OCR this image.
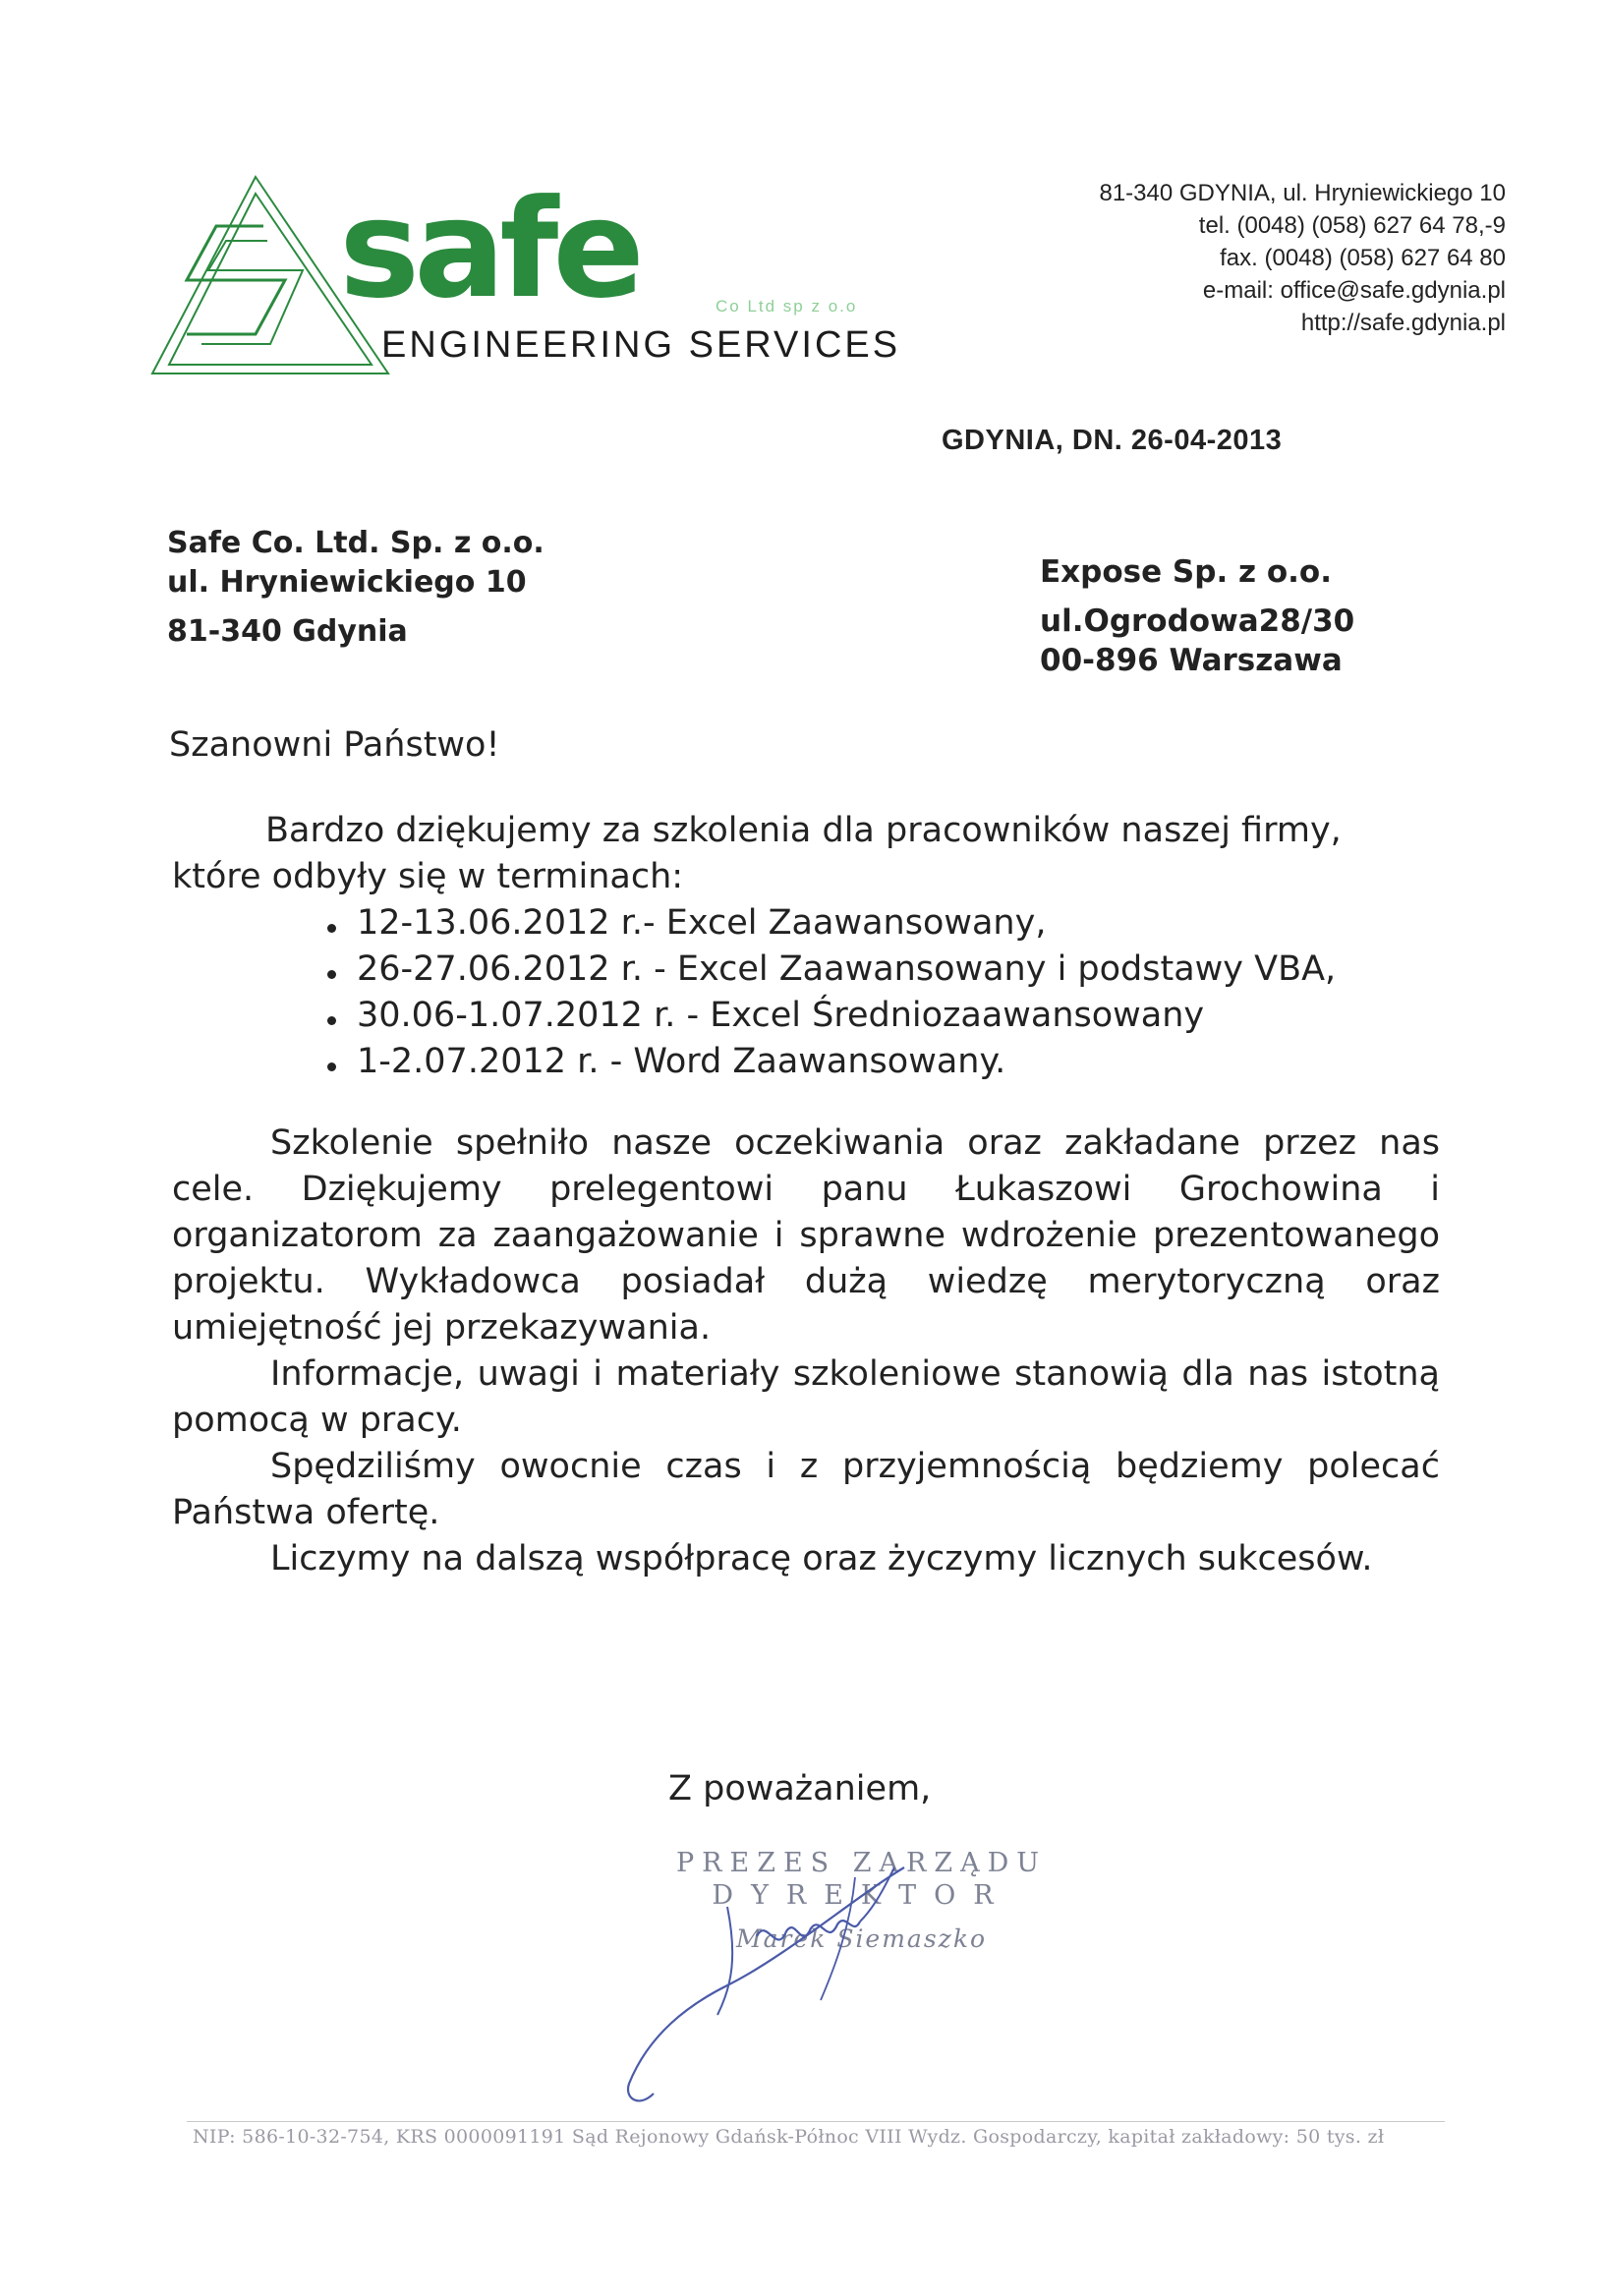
safe	Co Ltd sp z o.o
ENGINEERING SERVICES
81-340 GDYNIA, ul. Hryniewickiego 10
tel. (0048) (058) 627 64 78,-9
fax. (0048) (058) 627 64 80
e-mail: office@safe.gdynia.pl
http://safe.gdynia.pl
GDYNIA, DN. 26-04-2013
Safe Co. Ltd. Sp. z o.o.
ul. Hryniewickiego 10
81-340 Gdynia
Expose Sp. z o.o.
ul.Ogrodowa28/30
00-896 Warszawa
Szanowni Państwo!
Bardzo dziękujemy za szkolenia dla pracowników naszej firmy, które odbyły się w terminach:
12-13.06.2012 r.- Excel Zaawansowany,
26-27.06.2012 r. - Excel Zaawansowany i podstawy VBA,
30.06-1.07.2012 r. - Excel Średniozaawansowany
1-2.07.2012 r. - Word Zaawansowany.

Szkolenie spełniło nasze oczekiwania oraz zakładane przez nas cele. Dziękujemy prelegentowi panu Łukaszowi Grochowina i organizatorom za zaangażowanie i sprawne wdrożenie prezentowanego projektu. Wykładowca posiadał dużą wiedzę merytoryczną oraz umiejętność jej przekazywania.

Informacje, uwagi i materiały szkoleniowe stanowią dla nas istotną pomocą w pracy.

Spędziliśmy owocnie czas i z przyjemnością będziemy polecać Państwa ofertę.

Liczymy na dalszą współpracę oraz życzymy licznych sukcesów.

Z poważaniem,
PREZES ZARZĄDU
DYREKTOR
Marek Siemaszko
NIP: 586-10-32-754, KRS 0000091191 Sąd Rejonowy Gdańsk-Północ VIII Wydz. Gospodarczy, kapitał zakładowy: 50 tys. zł
